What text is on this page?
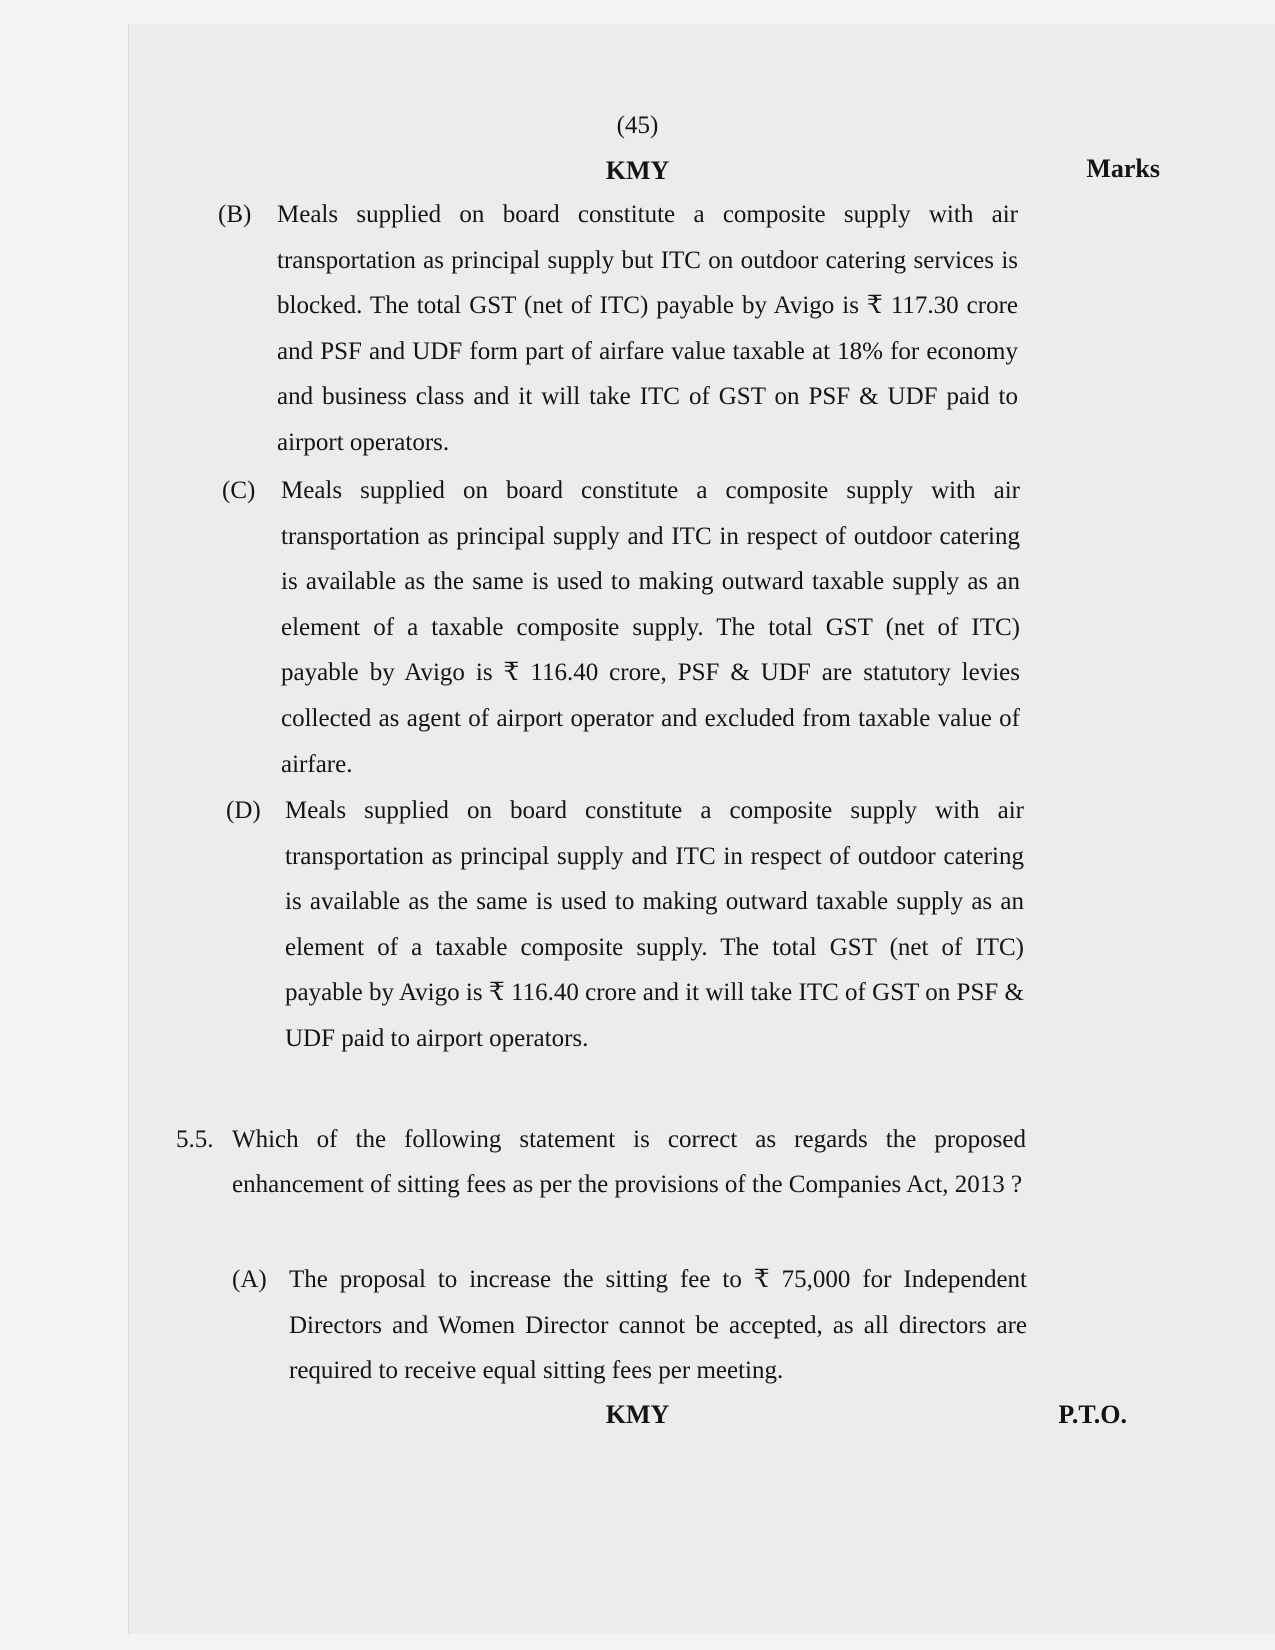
(45)
KMY	Marks
(B) Meals supplied on board constitute a composite supply with air transportation as principal supply but ITC on outdoor catering services is blocked. The total GST (net of ITC) payable by Avigo is ₹ 117.30 crore and PSF and UDF form part of airfare value taxable at 18% for economy and business class and it will take ITC of GST on PSF & UDF paid to airport operators.
(C) Meals supplied on board constitute a composite supply with air transportation as principal supply and ITC in respect of outdoor catering is available as the same is used to making outward taxable supply as an element of a taxable composite supply. The total GST (net of ITC) payable by Avigo is ₹ 116.40 crore, PSF & UDF are statutory levies collected as agent of airport operator and excluded from taxable value of airfare.
(D) Meals supplied on board constitute a composite supply with air transportation as principal supply and ITC in respect of outdoor catering is available as the same is used to making outward taxable supply as an element of a taxable composite supply. The total GST (net of ITC) payable by Avigo is ₹ 116.40 crore and it will take ITC of GST on PSF & UDF paid to airport operators.
5.5. Which of the following statement is correct as regards the proposed enhancement of sitting fees as per the provisions of the Companies Act, 2013 ?
(A) The proposal to increase the sitting fee to ₹ 75,000 for Independent Directors and Women Director cannot be accepted, as all directors are required to receive equal sitting fees per meeting.
KMY	P.T.O.
